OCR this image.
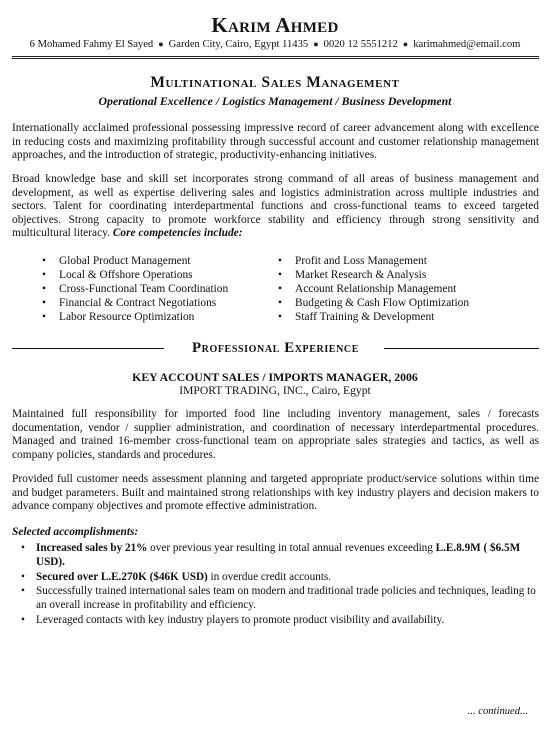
Karim Ahmed
6 Mohamed Fahmy El Sayed ● Garden City, Cairo, Egypt 11435 ● 0020 12 5551212 ● karimahmed@email.com
Multinational Sales Management
Operational Excellence / Logistics Management / Business Development

Internationally acclaimed professional possessing impressive record of career advancement along with excellence in reducing costs and maximizing profitability through successful account and customer relationship management approaches, and the introduction of strategic, productivity-enhancing initiatives.

Broad knowledge base and skill set incorporates strong command of all areas of business management and development, as well as expertise delivering sales and logistics administration across multiple industries and sectors. Talent for coordinating interdepartmental functions and cross-functional teams to exceed targeted objectives. Strong capacity to promote workforce stability and efficiency through strong sensitivity and multicultural literacy. Core competencies include:

• Global Product Management
• Local & Offshore Operations
• Cross-Functional Team Coordination
• Financial & Contract Negotiations
• Labor Resource Optimization
• Profit and Loss Management
• Market Research & Analysis
• Account Relationship Management
• Budgeting & Cash Flow Optimization
• Staff Training & Development
Professional Experience
KEY ACCOUNT SALES / IMPORTS MANAGER, 2006
IMPORT TRADING, INC., Cairo, Egypt

Maintained full responsibility for imported food line including inventory management, sales / forecasts documentation, vendor / supplier administration, and coordination of necessary interdepartmental procedures. Managed and trained 16-member cross-functional team on appropriate sales strategies and tactics, as well as company policies, standards and procedures.

Provided full customer needs assessment planning and targeted appropriate product/service solutions within time and budget parameters. Built and maintained strong relationships with key industry players and decision makers to advance company objectives and promote effective administration.

Selected accomplishments:
• Increased sales by 21% over previous year resulting in total annual revenues exceeding L.E.8.9M ( $6.5M USD).
• Secured over L.E.270K ($46K USD) in overdue credit accounts.
• Successfully trained international sales team on modern and traditional trade policies and techniques, leading to an overall increase in profitability and efficiency.
• Leveraged contacts with key industry players to promote product visibility and availability.
... continued...
